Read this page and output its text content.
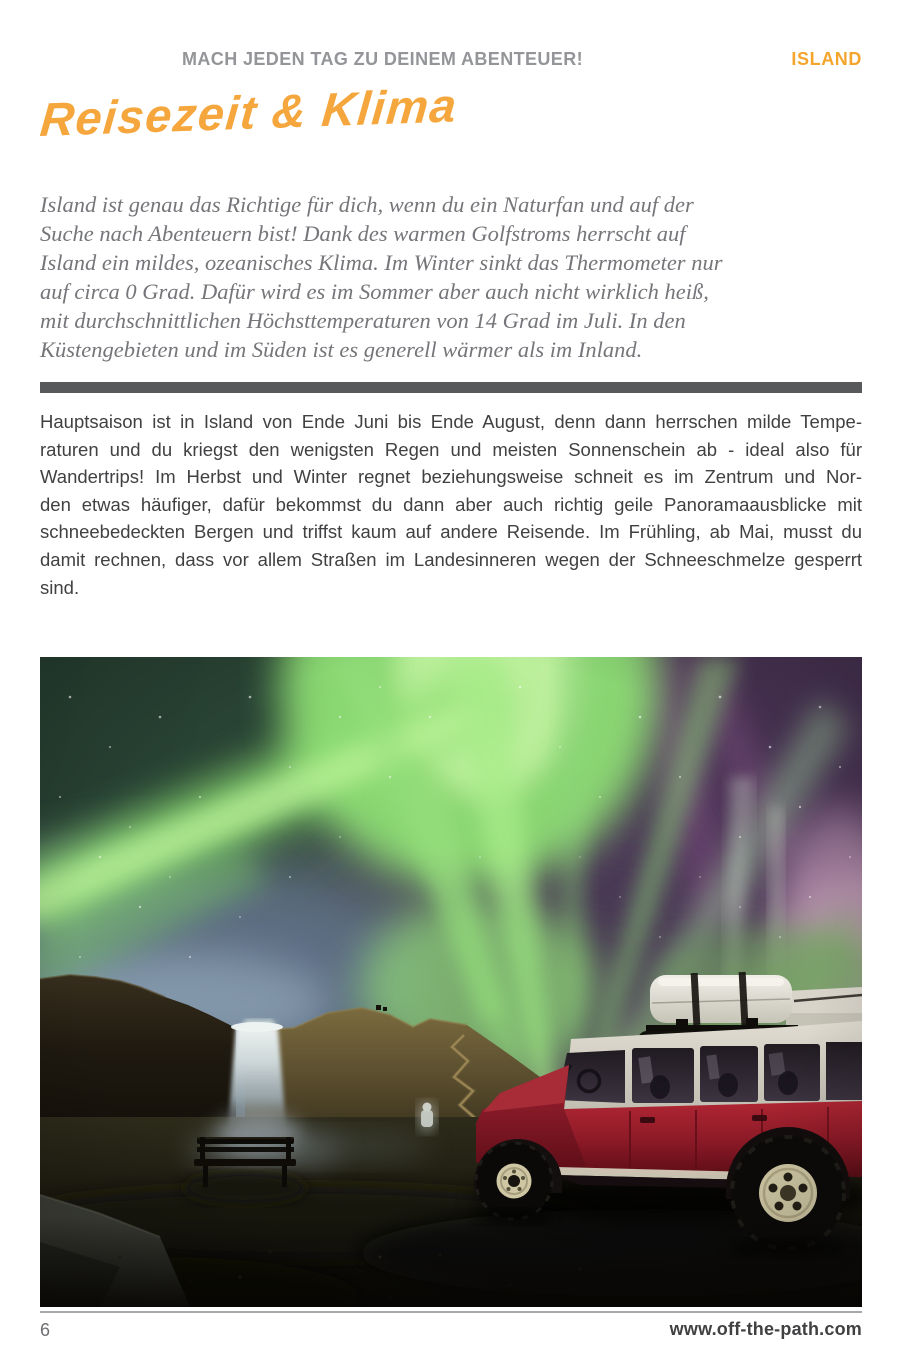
MACH JEDEN TAG ZU DEINEM ABENTEUER!	ISLAND
Reisezeit & Klima
Island ist genau das Richtige für dich, wenn du ein Naturfan und auf der
Suche nach Abenteuern bist! Dank des warmen Golfstroms herrscht auf
Island ein mildes, ozeanisches Klima. Im Winter sinkt das Thermometer nur
auf circa 0 Grad. Dafür wird es im Sommer aber auch nicht wirklich heiß,
mit durchschnittlichen Höchsttemperaturen von 14 Grad im Juli. In den
Küstengebieten und im Süden ist es generell wärmer als im Inland.
Hauptsaison ist in Island von Ende Juni bis Ende August, denn dann herrschen milde Tempe-
raturen und du kriegst den wenigsten Regen und meisten Sonnenschein ab - ideal also für
Wandertrips! Im Herbst und Winter regnet beziehungsweise schneit es im Zentrum und Nor-
den etwas häufiger, dafür bekommst du dann aber auch richtig geile Panoramaausblicke mit
schneebedeckten Bergen und triffst kaum auf andere Reisende. Im Frühling, ab Mai, musst du
damit rechnen, dass vor allem Straßen im Landesinneren wegen der Schneeschmelze gesperrt
sind.
6	www.off-the-path.com
